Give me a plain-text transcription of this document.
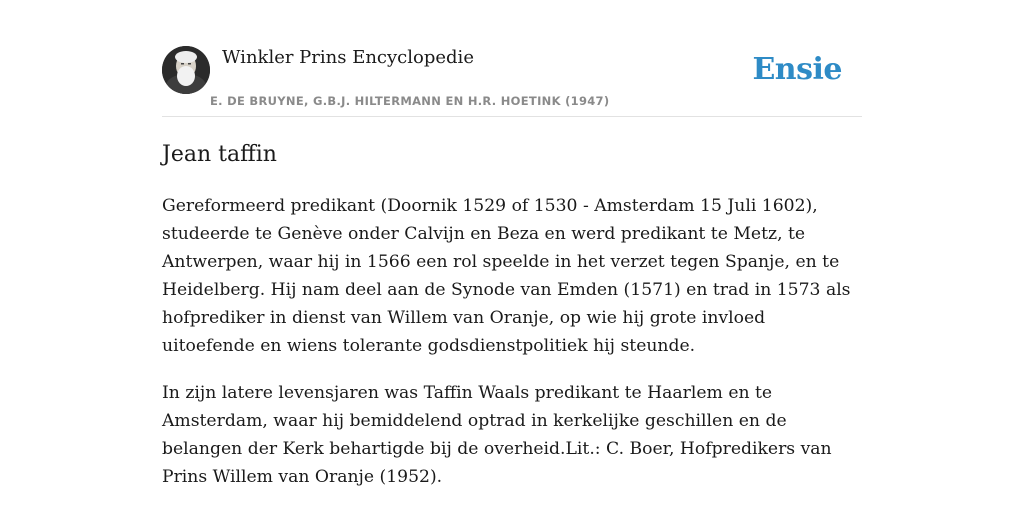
Winkler Prins Encyclopedie
E. DE BRUYNE, G.B.J. HILTERMANN EN H.R. HOETINK (1947)
Ensie
Jean taffin

Gereformeerd predikant (Doornik 1529 of 1530 - Amsterdam 15 Juli 1602), studeerde te Genève onder Calvijn en Beza en werd predikant te Metz, te Antwerpen, waar hij in 1566 een rol speelde in het verzet tegen Spanje, en te Heidelberg. Hij nam deel aan de Synode van Emden (1571) en trad in 1573 als hofprediker in dienst van Willem van Oranje, op wie hij grote invloed uitoefende en wiens tolerante godsdienstpolitiek hij steunde.

In zijn latere levensjaren was Taffin Waals predikant te Haarlem en te Amsterdam, waar hij bemiddelend optrad in kerkelijke geschillen en de belangen der Kerk behartigde bij de overheid.Lit.: C. Boer, Hofpredikers van Prins Willem van Oranje (1952).
